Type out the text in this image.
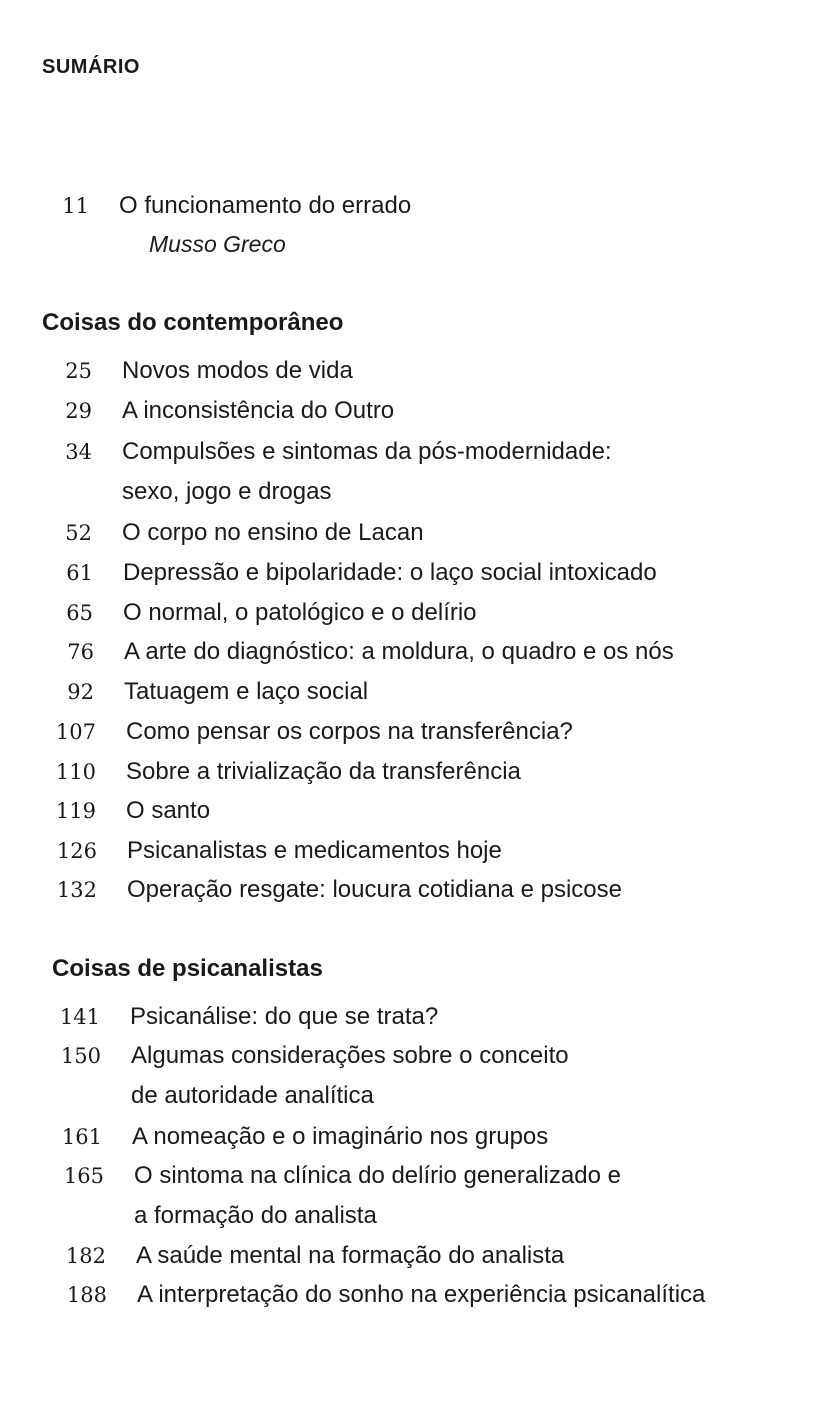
SUMÁRIO
11 O funcionamento do errado
Musso Greco
Coisas do contemporâneo
25 Novos modos de vida
29 A inconsistência do Outro
34 Compulsões e sintomas da pós-modernidade:
sexo, jogo e drogas
52 O corpo no ensino de Lacan
61 Depressão e bipolaridade: o laço social intoxicado
65 O normal, o patológico e o delírio
76 A arte do diagnóstico: a moldura, o quadro e os nós
92 Tatuagem e laço social
107 Como pensar os corpos na transferência?
110 Sobre a trivialização da transferência
119 O santo
126 Psicanalistas e medicamentos hoje
132 Operação resgate: loucura cotidiana e psicose
Coisas de psicanalistas
141 Psicanálise: do que se trata?
150 Algumas considerações sobre o conceito
de autoridade analítica
161 A nomeação e o imaginário nos grupos
165 O sintoma na clínica do delírio generalizado e
a formação do analista
182 A saúde mental na formação do analista
188 A interpretação do sonho na experiência psicanalítica
